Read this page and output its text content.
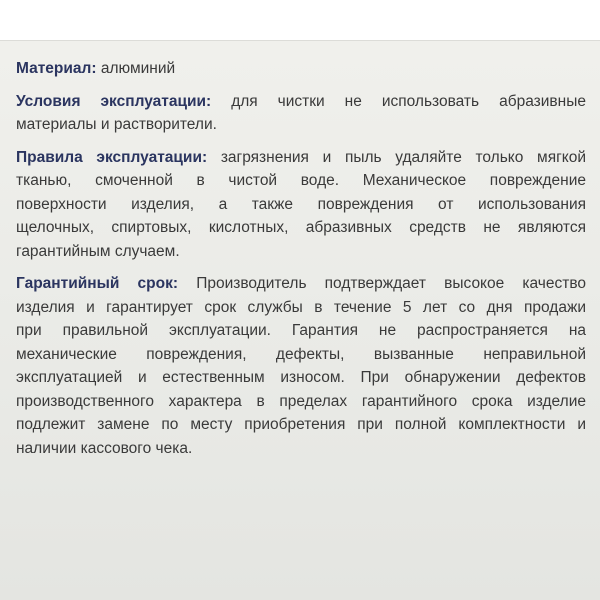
Материал: алюминий

Условия эксплуатации: для чистки не использовать абразивные
материалы и растворители.

Правила эксплуатации: загрязнения и пыль удаляйте только мягкой
тканью, смоченной в чистой воде. Механическое повреждение
поверхности изделия, а также повреждения от использования
щелочных, спиртовых, кислотных, абразивных средств не являются
гарантийным случаем.

Гарантийный срок: Производитель подтверждает высокое качество
изделия и гарантирует срок службы в течение 5 лет со дня продажи
при правильной эксплуатации. Гарантия не распространяется на
механические повреждения, дефекты, вызванные неправильной
эксплуатацией и естественным износом. При обнаружении дефектов
производственного характера в пределах гарантийного срока изделие
подлежит замене по месту приобретения при полной комплектности и
наличии кассового чека.
